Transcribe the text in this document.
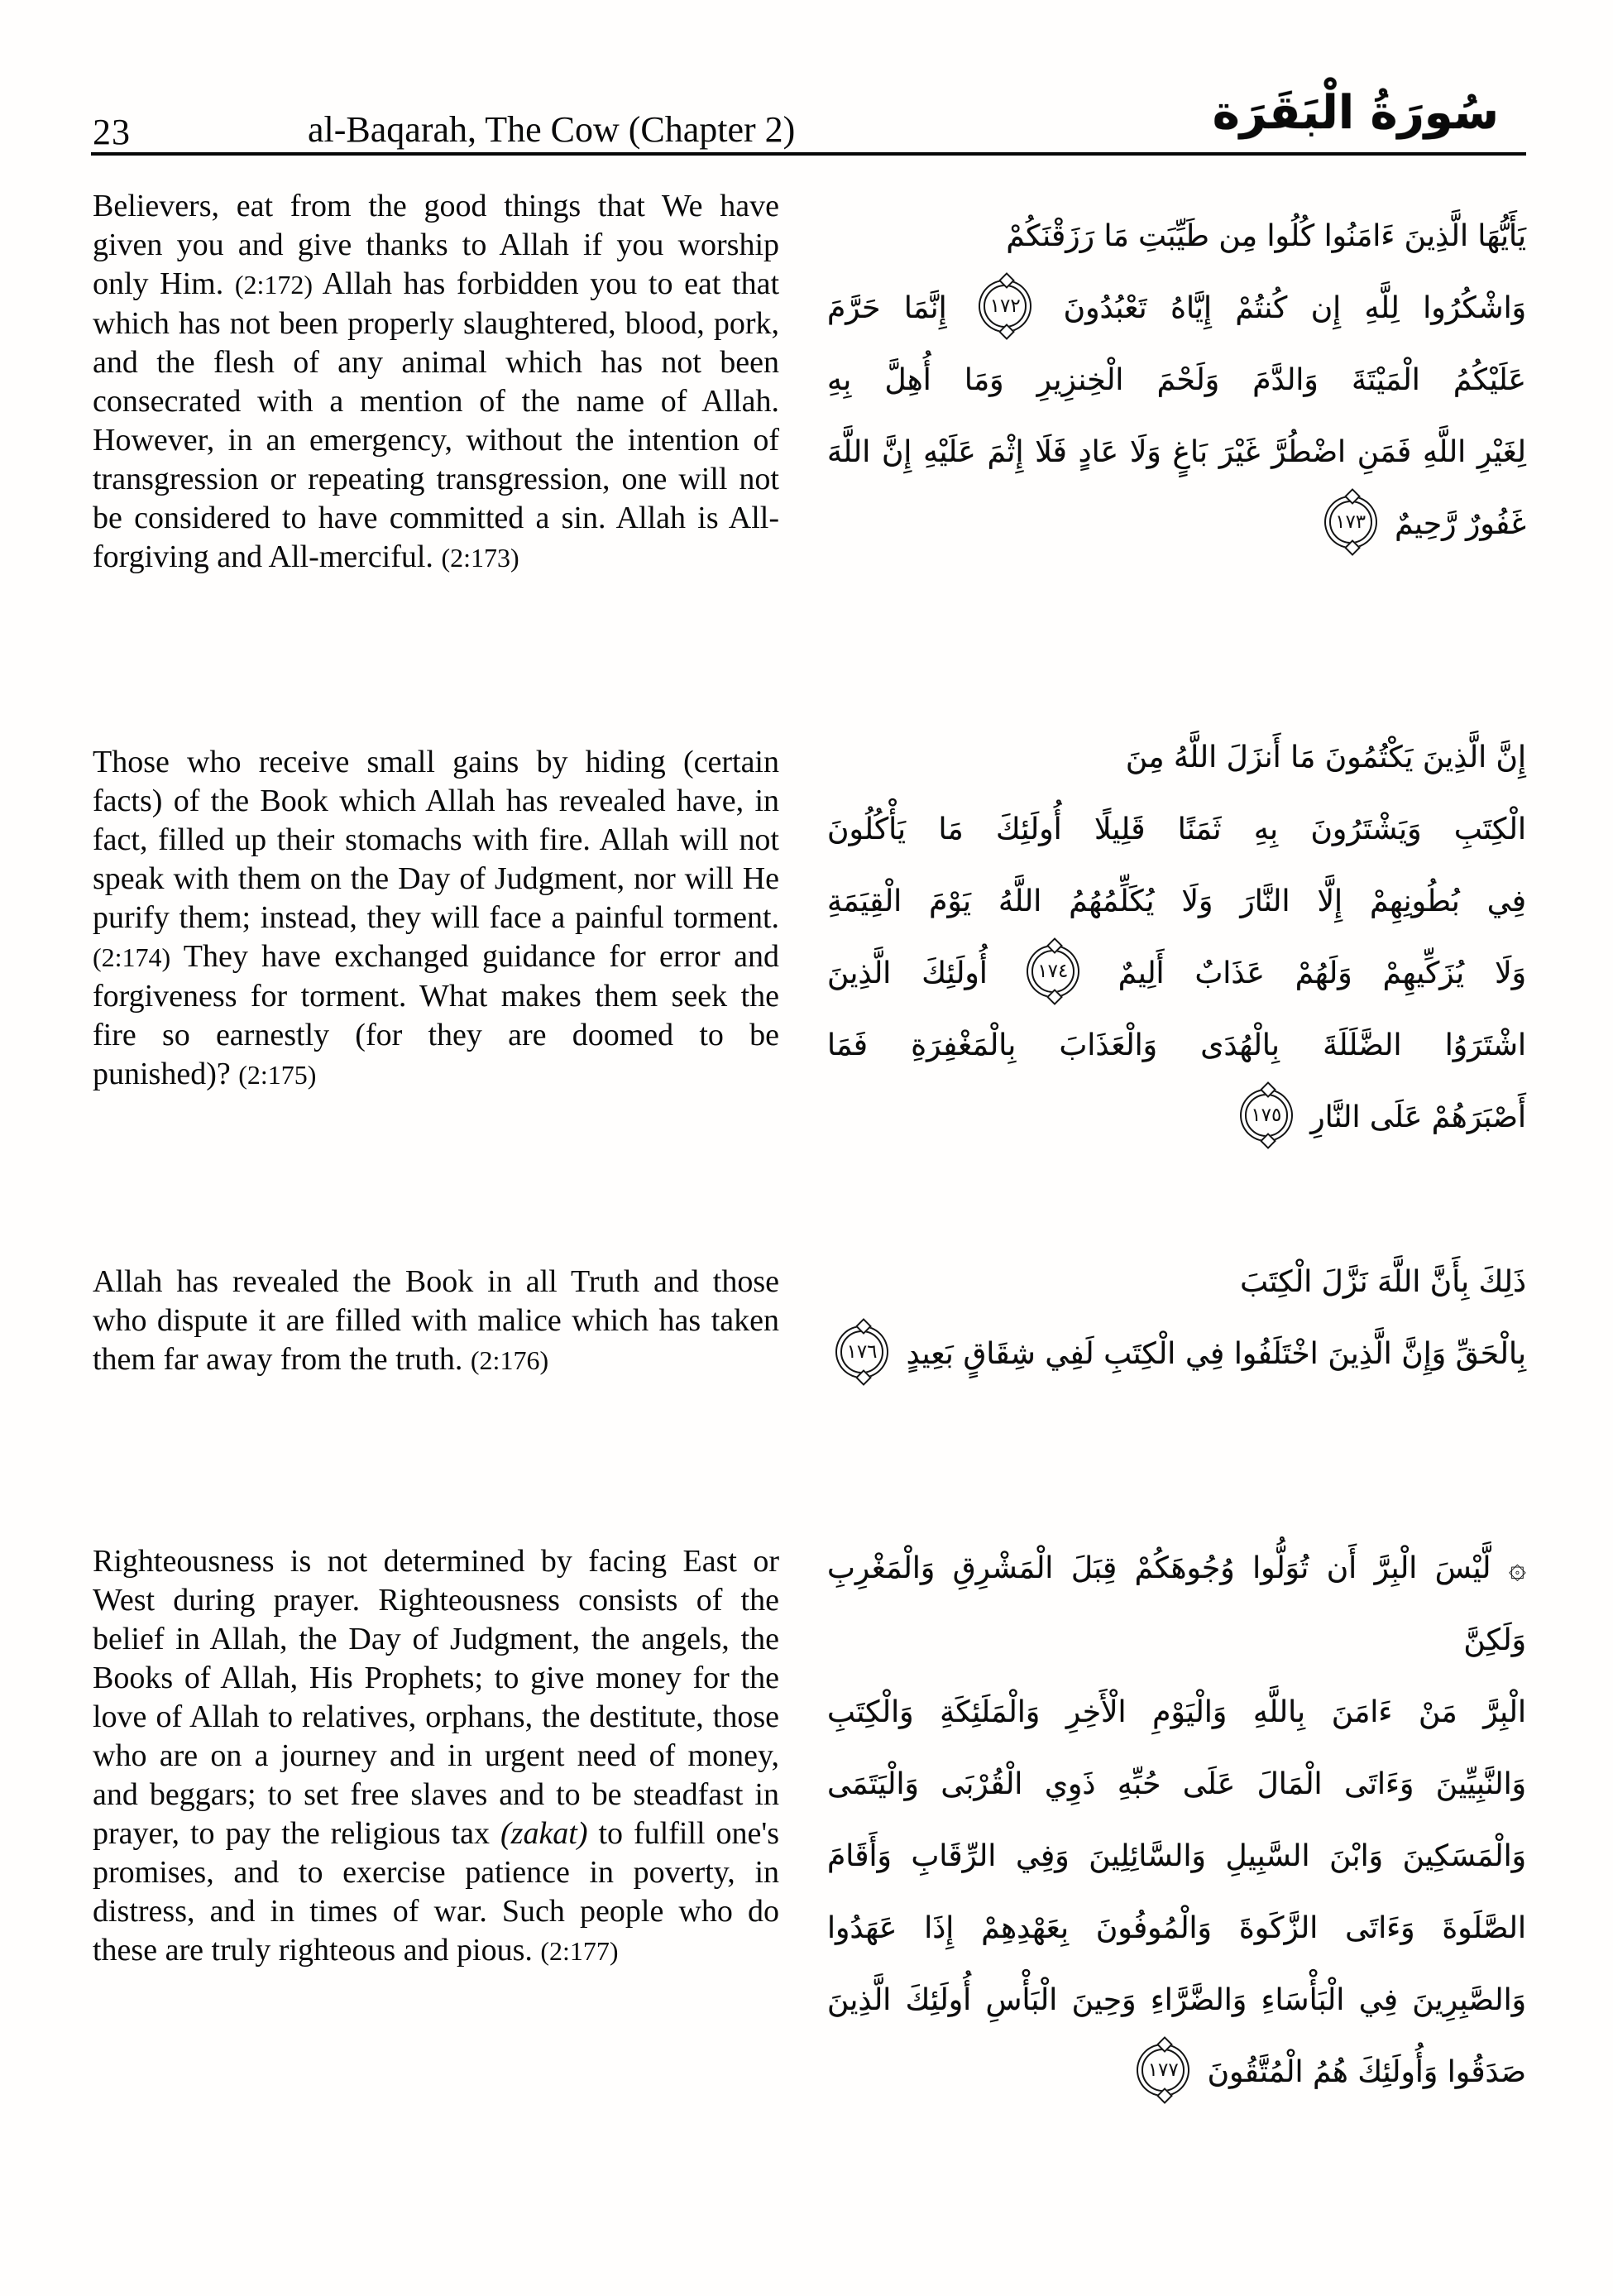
23	al-Baqarah, The Cow (Chapter 2)	سُورَةُ الْبَقَرَة

Believers, eat from the good things that We have given you and give thanks to Allah if you worship only Him. (2:172) Allah has forbidden you to eat that which has not been properly slaughtered, blood, pork, and the flesh of any animal which has not been consecrated with a mention of the name of Allah. However, in an emergency, without the intention of transgression or repeating transgression, one will not be considered to have committed a sin. Allah is All-forgiving and All-merciful. (2:173)

Those who receive small gains by hiding (certain facts) of the Book which Allah has revealed have, in fact, filled up their stomachs with fire. Allah will not speak with them on the Day of Judgment, nor will He purify them; instead, they will face a painful torment. (2:174) They have exchanged guidance for error and forgiveness for torment. What makes them seek the fire so earnestly (for they are doomed to be punished)? (2:175)

Allah has revealed the Book in all Truth and those who dispute it are filled with malice which has taken them far away from the truth. (2:176)

Righteousness is not determined by facing East or West during prayer. Righteousness consists of the belief in Allah, the Day of Judgment, the angels, the Books of Allah, His Prophets; to give money for the love of Allah to relatives, orphans, the destitute, those who are on a journey and in urgent need of money, and beggars; to set free slaves and to be steadfast in prayer, to pay the religious tax (zakat) to fulfill one's promises, and to exercise patience in poverty, in distress, and in times of war. Such people who do these are truly righteous and pious. (2:177)

يَأَيُّهَا الَّذِينَ ءَامَنُوا كُلُوا مِن طَيِّبَتِ مَا رَزَقْنَكُمْ
وَاشْكُرُوا لِلَّهِ إِن كُنتُمْ إِيَّاهُ تَعْبُدُونَ ١٧٢ إِنَّمَا حَرَّمَ
عَلَيْكُمُ الْمَيْتَةَ وَالدَّمَ وَلَحْمَ الْخِنزِيرِ وَمَا أُهِلَّ بِهِ
لِغَيْرِ اللَّهِ فَمَنِ اضْطُرَّ غَيْرَ بَاغٍ وَلَا عَادٍ فَلَا إِثْمَ عَلَيْهِ إِنَّ اللَّهَ
غَفُورٌ رَّحِيمٌ ١٧٣
إِنَّ الَّذِينَ يَكْتُمُونَ مَا أَنزَلَ اللَّهُ مِنَ
الْكِتَبِ وَيَشْتَرُونَ بِهِ ثَمَنًا قَلِيلًا أُولَئِكَ مَا يَأْكُلُونَ
فِي بُطُونِهِمْ إِلَّا النَّارَ وَلَا يُكَلِّمُهُمُ اللَّهُ يَوْمَ الْقِيَمَةِ
وَلَا يُزَكِّيهِمْ وَلَهُمْ عَذَابٌ أَلِيمٌ ١٧٤ أُولَئِكَ الَّذِينَ
اشْتَرَوُا الضَّلَلَةَ بِالْهُدَى وَالْعَذَابَ بِالْمَغْفِرَةِ فَمَا
أَصْبَرَهُمْ عَلَى النَّارِ ١٧٥
ذَلِكَ بِأَنَّ اللَّهَ نَزَّلَ الْكِتَبَ
بِالْحَقِّ وَإِنَّ الَّذِينَ اخْتَلَفُوا فِي الْكِتَبِ لَفِي شِقَاقٍ بَعِيدٍ ١٧٦
۞ لَّيْسَ الْبِرَّ أَن تُوَلُّوا وُجُوهَكُمْ قِبَلَ الْمَشْرِقِ وَالْمَغْرِبِ وَلَكِنَّ
الْبِرَّ مَنْ ءَامَنَ بِاللَّهِ وَالْيَوْمِ الْأَخِرِ وَالْمَلَئِكَةِ وَالْكِتَبِ
وَالنَّبِيِّينَ وَءَاتَى الْمَالَ عَلَى حُبِّهِ ذَوِي الْقُرْبَى وَالْيَتَمَى
وَالْمَسَكِينَ وَابْنَ السَّبِيلِ وَالسَّائِلِينَ وَفِي الرِّقَابِ وَأَقَامَ
الصَّلَوةَ وَءَاتَى الزَّكَوةَ وَالْمُوفُونَ بِعَهْدِهِمْ إِذَا عَهَدُوا
وَالصَّبِرِينَ فِي الْبَأْسَاءِ وَالضَّرَّاءِ وَحِينَ الْبَأْسِ أُولَئِكَ الَّذِينَ
صَدَقُوا وَأُولَئِكَ هُمُ الْمُتَّقُونَ ١٧٧
